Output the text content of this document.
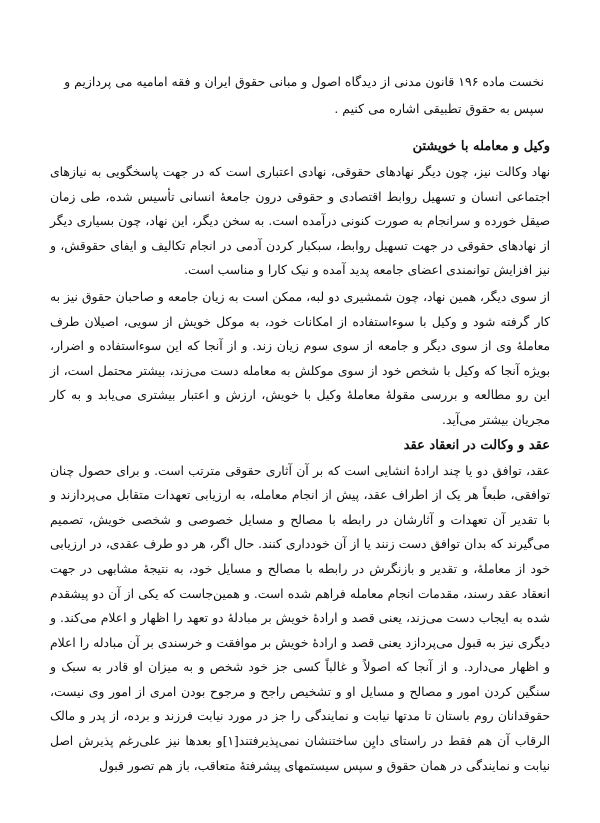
نخست ماده ۱۹۶ قانون مدنی از دیدگاه اصول و مبانی حقوق ایران و فقه امامیه می پردازیم و سپس به حقوق تطبیقی اشاره می کنیم .

وکیل و معامله با خویشتن

نهاد وکالت نیز، چون دیگر نهادهای حقوقی، نهادی اعتباری است که در جهت پاسخگویی به نیازهای اجتماعی انسان و تسهیل روابط اقتصادی و حقوقی درون جامعۀ انسانی تأسیس شده، طی زمان صیقل خورده و سرانجام به صورت کنونی درآمده است. به سخن دیگر، این نهاد، چون بسیاری دیگر از نهادهای حقوقی در جهت تسهیل روابط، سبکبار کردن آدمی در انجام تکالیف و ایفای حقوقش، و نیز افزایش توانمندی اعضای جامعه پدید آمده و نیک کارا و مناسب است.

از سوی دیگر، همین نهاد، چون شمشیری دو لبه، ممکن است به زیان جامعه و صاحبان حقوق نیز به کار گرفته شود و وکیل با سوءاستفاده از امکانات خود، به موکل خویش از سویی، اصیلان طرف معاملهٔ وی از سوی دیگر و جامعه از سوی سوم زیان زند. و از آنجا که این سوءاستفاده و اضرار، بویژه آنجا که وکیل با شخص خود از سوی موکلش به معامله دست می‌زند، بیشتر محتمل است، از این رو مطالعه و بررسی مقولهٔ معاملهٔ وکیل با خویش، ارزش و اعتبار بیشتری می‌یابد و به کار مجریان بیشتر می‌آید.

عقد و وکالت در انعقاد عقد

عقد، توافق دو یا چند ارادهٔ انشایی است که بر آن آثاری حقوقی مترتب است. و برای حصول چنان توافقی، طبعاً هر یک از اطراف عقد، پیش از انجام معامله، به ارزیابی تعهدات متقابل می‌پردازند و با تقدیر آن تعهدات و آثارشان در رابطه با مصالح و مسایل خصوصی و شخصی خویش، تصمیم می‌گیرند که بدان توافق دست زنند یا از آن خودداری کنند. حال اگر، هر دو طرف عقدی، در ارزیابی خود از معاملهٔ، و تقدیر و بازنگرش در رابطه با مصالح و مسایل خود، به نتیجهٔ مشابهی در جهت انعقاد عقد رسند، مقدمات انجام معامله فراهم شده است. و همین‌جاست که یکی از آن دو پیشقدم شده به ایجاب دست می‌زند، یعنی قصد و ارادهٔ خویش بر مبادلهٔ دو تعهد را اظهار و اعلام می‌کند. و دیگری نیز به قبول می‌پردازد یعنی قصد و ارادهٔ خویش بر موافقت و خرسندی بر آن مبادله را اعلام و اظهار می‌دارد. و از آنجا که اصولاً و غالباً کسی جز خود شخص و به میزان او قادر به سبک و سنگین کردن امور و مصالح و مسایل او و تشخیص راجح و مرجوح بودن امری از امور وی نیست، حقوقدانان روم باستان تا مدتها نیابت و نمایندگی را جز در مورد نیابت فرزند و برده، از پدر و مالک الرقاب آن هم فقط در راستای دایِن ساختنشان نمی‌پذیرفتند[۱]و بعدها نیز علی‌رغم پذیرش اصل نیابت و نمایندگی در همان حقوق و سپس سیستمهای پیشرفتهٔ متعاقب، باز هم تصور قبول
